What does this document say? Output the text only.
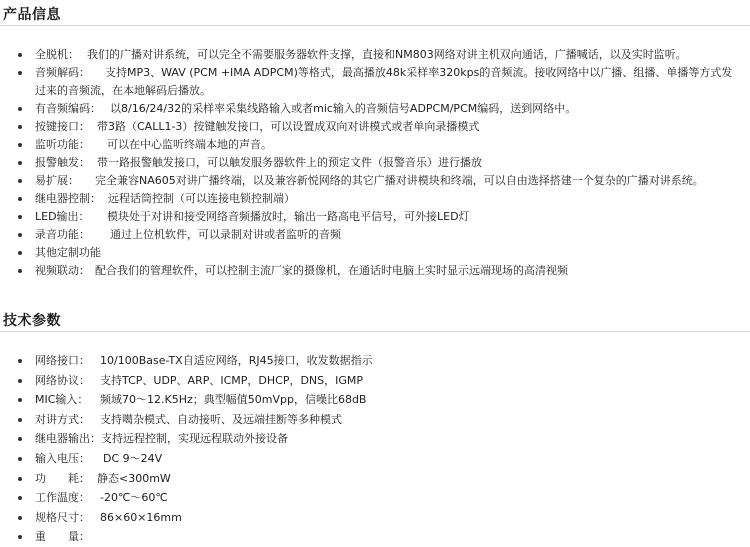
产品信息
全脱机： 我们的广播对讲系统，可以完全不需要服务器软件支撑，直接和NM803网络对讲主机双向通话，广播喊话，以及实时监听。
音频解码： 支持MP3、WAV (PCM +IMA ADPCM)等格式，最高播放48k采样率320kps的音频流。接收网络中以广播、组播、单播等方式发过来的音频流，在本地解码后播放。
有音频编码： 以8/16/24/32的采样率采集线路输入或者mic输入的音频信号ADPCM/PCM编码，送到网络中。
按键接口： 带3路（CALL1-3）按键触发接口，可以设置成双向对讲模式或者单向录播模式
监听功能： 可以在中心监听终端本地的声音。
报警触发： 带一路报警触发接口，可以触发服务器软件上的预定文件（报警音乐）进行播放
易扩展： 完全兼容NA605对讲广播终端，以及兼容新悦网络的其它广播对讲模块和终端，可以自由选择搭建一个复杂的广播对讲系统。
继电器控制： 远程话筒控制（可以连接电锁控制端）
LED输出： 模块处于对讲和接受网络音频播放时，输出一路高电平信号，可外接LED灯
录音功能： 通过上位机软件，可以录制对讲或者监听的音频
其他定制功能
视频联动： 配合我们的管理软件，可以控制主流厂家的摄像机，在通话时电脑上实时显示远端现场的高清视频
技术参数
网络接口： 10/100Base-TX自适应网络，RJ45接口，收发数据指示
网络协议： 支持TCP、UDP、ARP、ICMP，DHCP，DNS，IGMP
MIC输入： 频域70～12.K5Hz；典型幅值50mVpp，信噪比68dB
对讲方式： 支持噶杂模式、自动接听、及远端挂断等多种模式
继电器输出：支持远程控制，实现远程联动外接设备
输入电压： DC 9～24V
功　　耗： 静态<300mW
工作温度： -20℃～60℃
规格尺寸： 86×60×16mm
重　　量：
